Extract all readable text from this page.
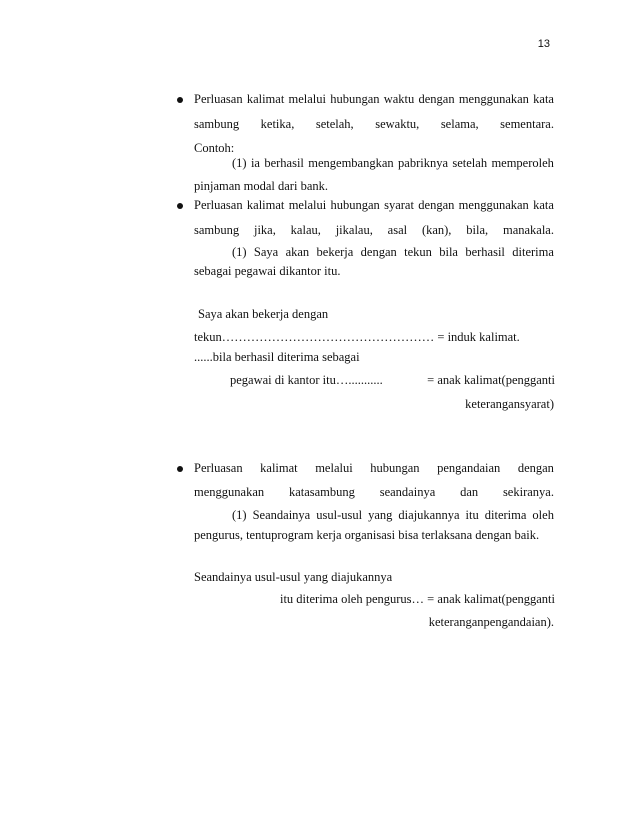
13
Perluasan kalimat melalui hubungan waktu dengan menggunakan kata
sambung ketika, setelah, sewaktu, selama, sementara.
Contoh:
(1) ia berhasil mengembangkan pabriknya setelah memperoleh
pinjaman modal dari bank.
Perluasan kalimat melalui hubungan syarat dengan menggunakan kata
sambung jika, kalau, jikalau, asal (kan), bila, manakala.
(1) Saya akan bekerja dengan tekun bila berhasil diterima
sebagai pegawai dikantor itu.
Saya akan bekerja dengan
tekun…………………………………………… = induk kalimat.
......bila berhasil diterima sebagai
pegawai di kantor itu…...........	= anak kalimat(pengganti
keterangansyarat)
Perluasan kalimat melalui hubungan pengandaian dengan
menggunakan katasambung seandainya dan sekiranya.
(1) Seandainya usul-usul yang diajukannya itu diterima oleh
pengurus, tentuprogram kerja organisasi bisa terlaksana dengan baik.
Seandainya usul-usul yang diajukannya
itu diterima oleh pengurus… = anak kalimat(pengganti
keteranganpengandaian).
